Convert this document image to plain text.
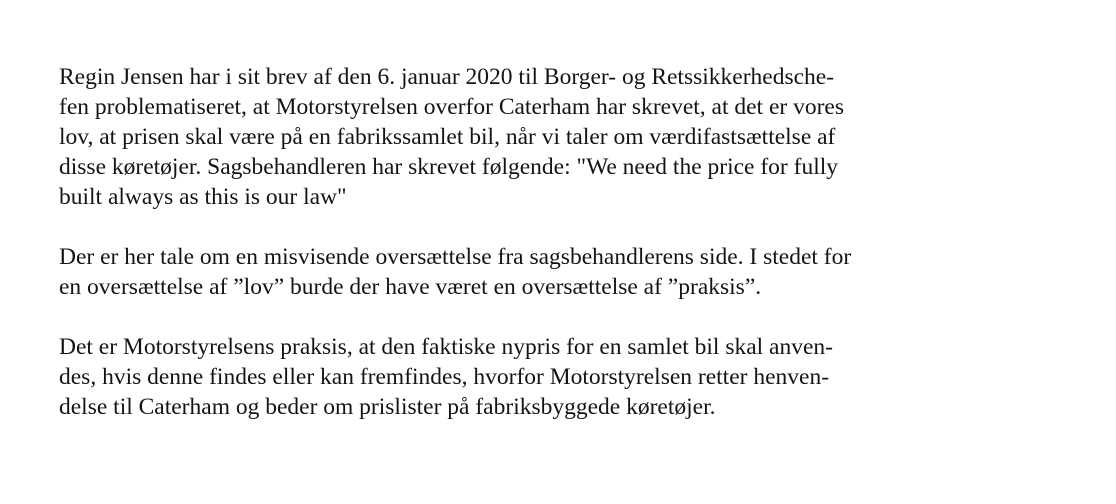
Regin Jensen har i sit brev af den 6. januar 2020 til Borger- og Retssikkerhedsche-
fen problematiseret, at Motorstyrelsen overfor Caterham har skrevet, at det er vores
lov, at prisen skal være på en fabrikssamlet bil, når vi taler om værdifastsættelse af
disse køretøjer. Sagsbehandleren har skrevet følgende: "We need the price for fully
built always as this is our law"

Der er her tale om en misvisende oversættelse fra sagsbehandlerens side. I stedet for
en oversættelse af ”lov” burde der have været en oversættelse af ”praksis”.

Det er Motorstyrelsens praksis, at den faktiske nypris for en samlet bil skal anven-
des, hvis denne findes eller kan fremfindes, hvorfor Motorstyrelsen retter henven-
delse til Caterham og beder om prislister på fabriksbyggede køretøjer.
